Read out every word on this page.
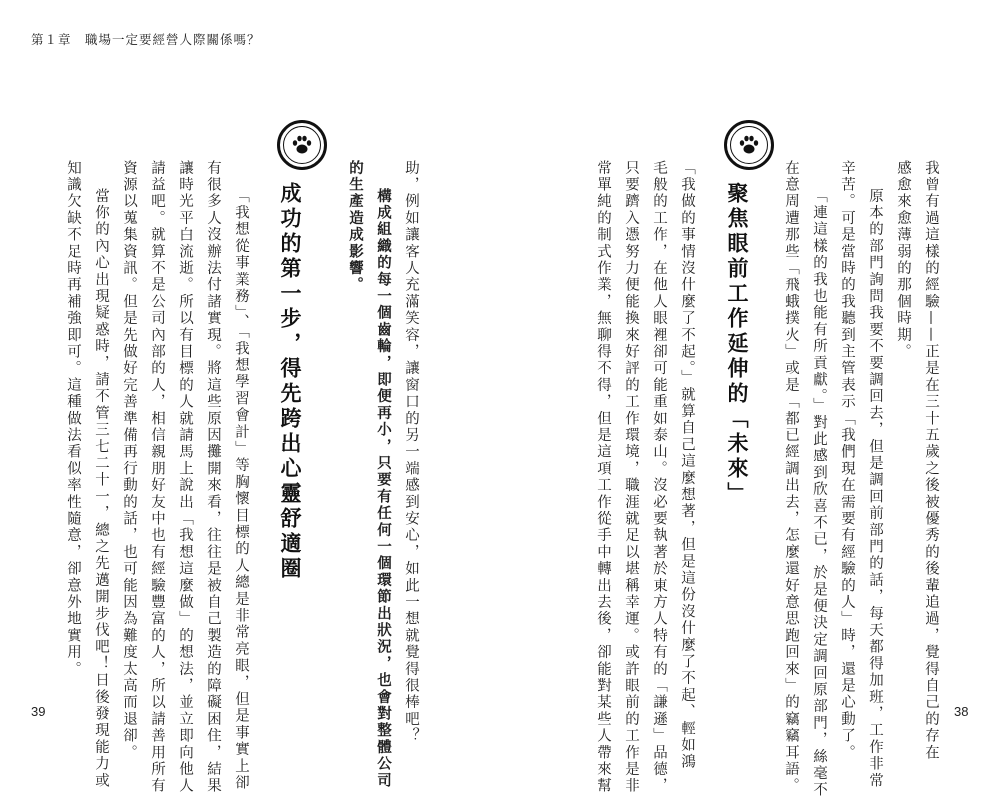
第１章　職場一定要經營人際關係嗎？
我曾有過這樣的經驗——正是在三十五歲之後被優秀的後輩追過，覺得自己的存在
感愈來愈薄弱的那個時期。
原本的部門詢問我要不要調回去，但是調回前部門的話，每天都得加班，工作非常
辛苦。可是當時的我聽到主管表示「我們現在需要有經驗的人」時，還是心動了。
「連這樣的我也能有所貢獻。」對此感到欣喜不已，於是便決定調回原部門，絲毫不
在意周遭那些「飛蛾撲火」或是「都已經調出去，怎麼還好意思跑回來」的竊竊耳語。
聚焦眼前工作延伸的「未來」
「我做的事情沒什麼了不起。」就算自己這麼想著，但是這份沒什麼了不起、輕如鴻
毛般的工作，在他人眼裡卻可能重如泰山。沒必要執著於東方人特有的「謙遜」品德，
只要躋入憑努力便能換來好評的工作環境，職涯就足以堪稱幸運。或許眼前的工作是非
常單純的制式作業，無聊得不得，但是這項工作從手中轉出去後，卻能對某些人帶來幫
助，例如讓客人充滿笑容，讓窗口的另一端感到安心，如此一想就覺得很棒吧？
構成組織的每一個齒輪，即便再小，只要有任何一個環節出狀況，也會對整體公司
的生產造成影響。
成功的第一步，得先跨出心靈舒適圈
「我想從事業務」、「我想學習會計」等胸懷目標的人總是非常亮眼，但是事實上卻
有很多人沒辦法付諸實現。將這些原因攤開來看，往往是被自己製造的障礙困住，結果
讓時光平白流逝。所以有目標的人就請馬上說出「我想這麼做」的想法，並立即向他人
請益吧。就算不是公司內部的人，相信親朋好友中也有經驗豐富的人，所以請善用所有
資源以蒐集資訊。但是先做好完善準備再行動的話，也可能因為難度太高而退卻。
當你的內心出現疑惑時，請不管三七二十一，總之先邁開步伐吧！日後發現能力或
知識欠缺不足時再補強即可。這種做法看似率性隨意，卻意外地實用。
39	38
